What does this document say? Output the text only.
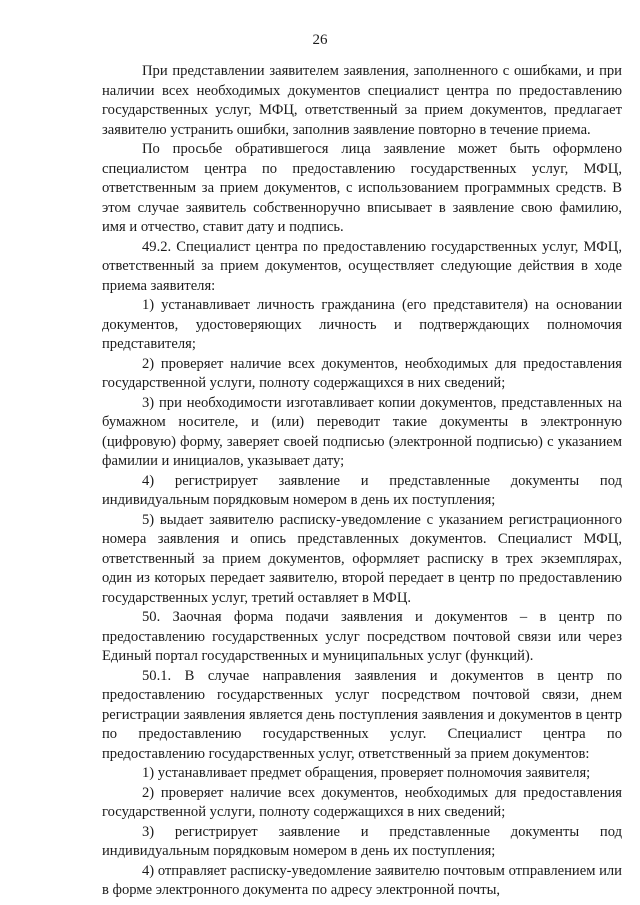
26

При представлении заявителем заявления, заполненного с ошибками, и при наличии всех необходимых документов специалист центра по предоставлению государственных услуг, МФЦ, ответственный за прием документов, предлагает заявителю устранить ошибки, заполнив заявление повторно в течение приема.

По просьбе обратившегося лица заявление может быть оформлено специалистом центра по предоставлению государственных услуг, МФЦ, ответственным за прием документов, с использованием программных средств. В этом случае заявитель собственноручно вписывает в заявление свою фамилию, имя и отчество, ставит дату и подпись.

49.2. Специалист центра по предоставлению государственных услуг, МФЦ, ответственный за прием документов, осуществляет следующие действия в ходе приема заявителя:

1) устанавливает личность гражданина (его представителя) на основании документов, удостоверяющих личность и подтверждающих полномочия представителя;

2) проверяет наличие всех документов, необходимых для предоставления государственной услуги, полноту содержащихся в них сведений;

3) при необходимости изготавливает копии документов, представленных на бумажном носителе, и (или) переводит такие документы в электронную (цифровую) форму, заверяет своей подписью (электронной подписью) с указанием фамилии и инициалов, указывает дату;

4) регистрирует заявление и представленные документы под индивидуальным порядковым номером в день их поступления;

5) выдает заявителю расписку-уведомление с указанием регистрационного номера заявления и опись представленных документов. Специалист МФЦ, ответственный за прием документов, оформляет расписку в трех экземплярах, один из которых передает заявителю, второй передает в центр по предоставлению государственных услуг, третий оставляет в МФЦ.

50. Заочная форма подачи заявления и документов – в центр по предоставлению государственных услуг посредством почтовой связи или через Единый портал государственных и муниципальных услуг (функций).

50.1. В случае направления заявления и документов в центр по предоставлению государственных услуг посредством почтовой связи, днем регистрации заявления является день поступления заявления и документов в центр по предоставлению государственных услуг. Специалист центра по предоставлению государственных услуг, ответственный за прием документов:

1) устанавливает предмет обращения, проверяет полномочия заявителя;

2) проверяет наличие всех документов, необходимых для предоставления государственной услуги, полноту содержащихся в них сведений;

3) регистрирует заявление и представленные документы под индивидуальным порядковым номером в день их поступления;

4) отправляет расписку-уведомление заявителю почтовым отправлением или в форме электронного документа по адресу электронной почты,
